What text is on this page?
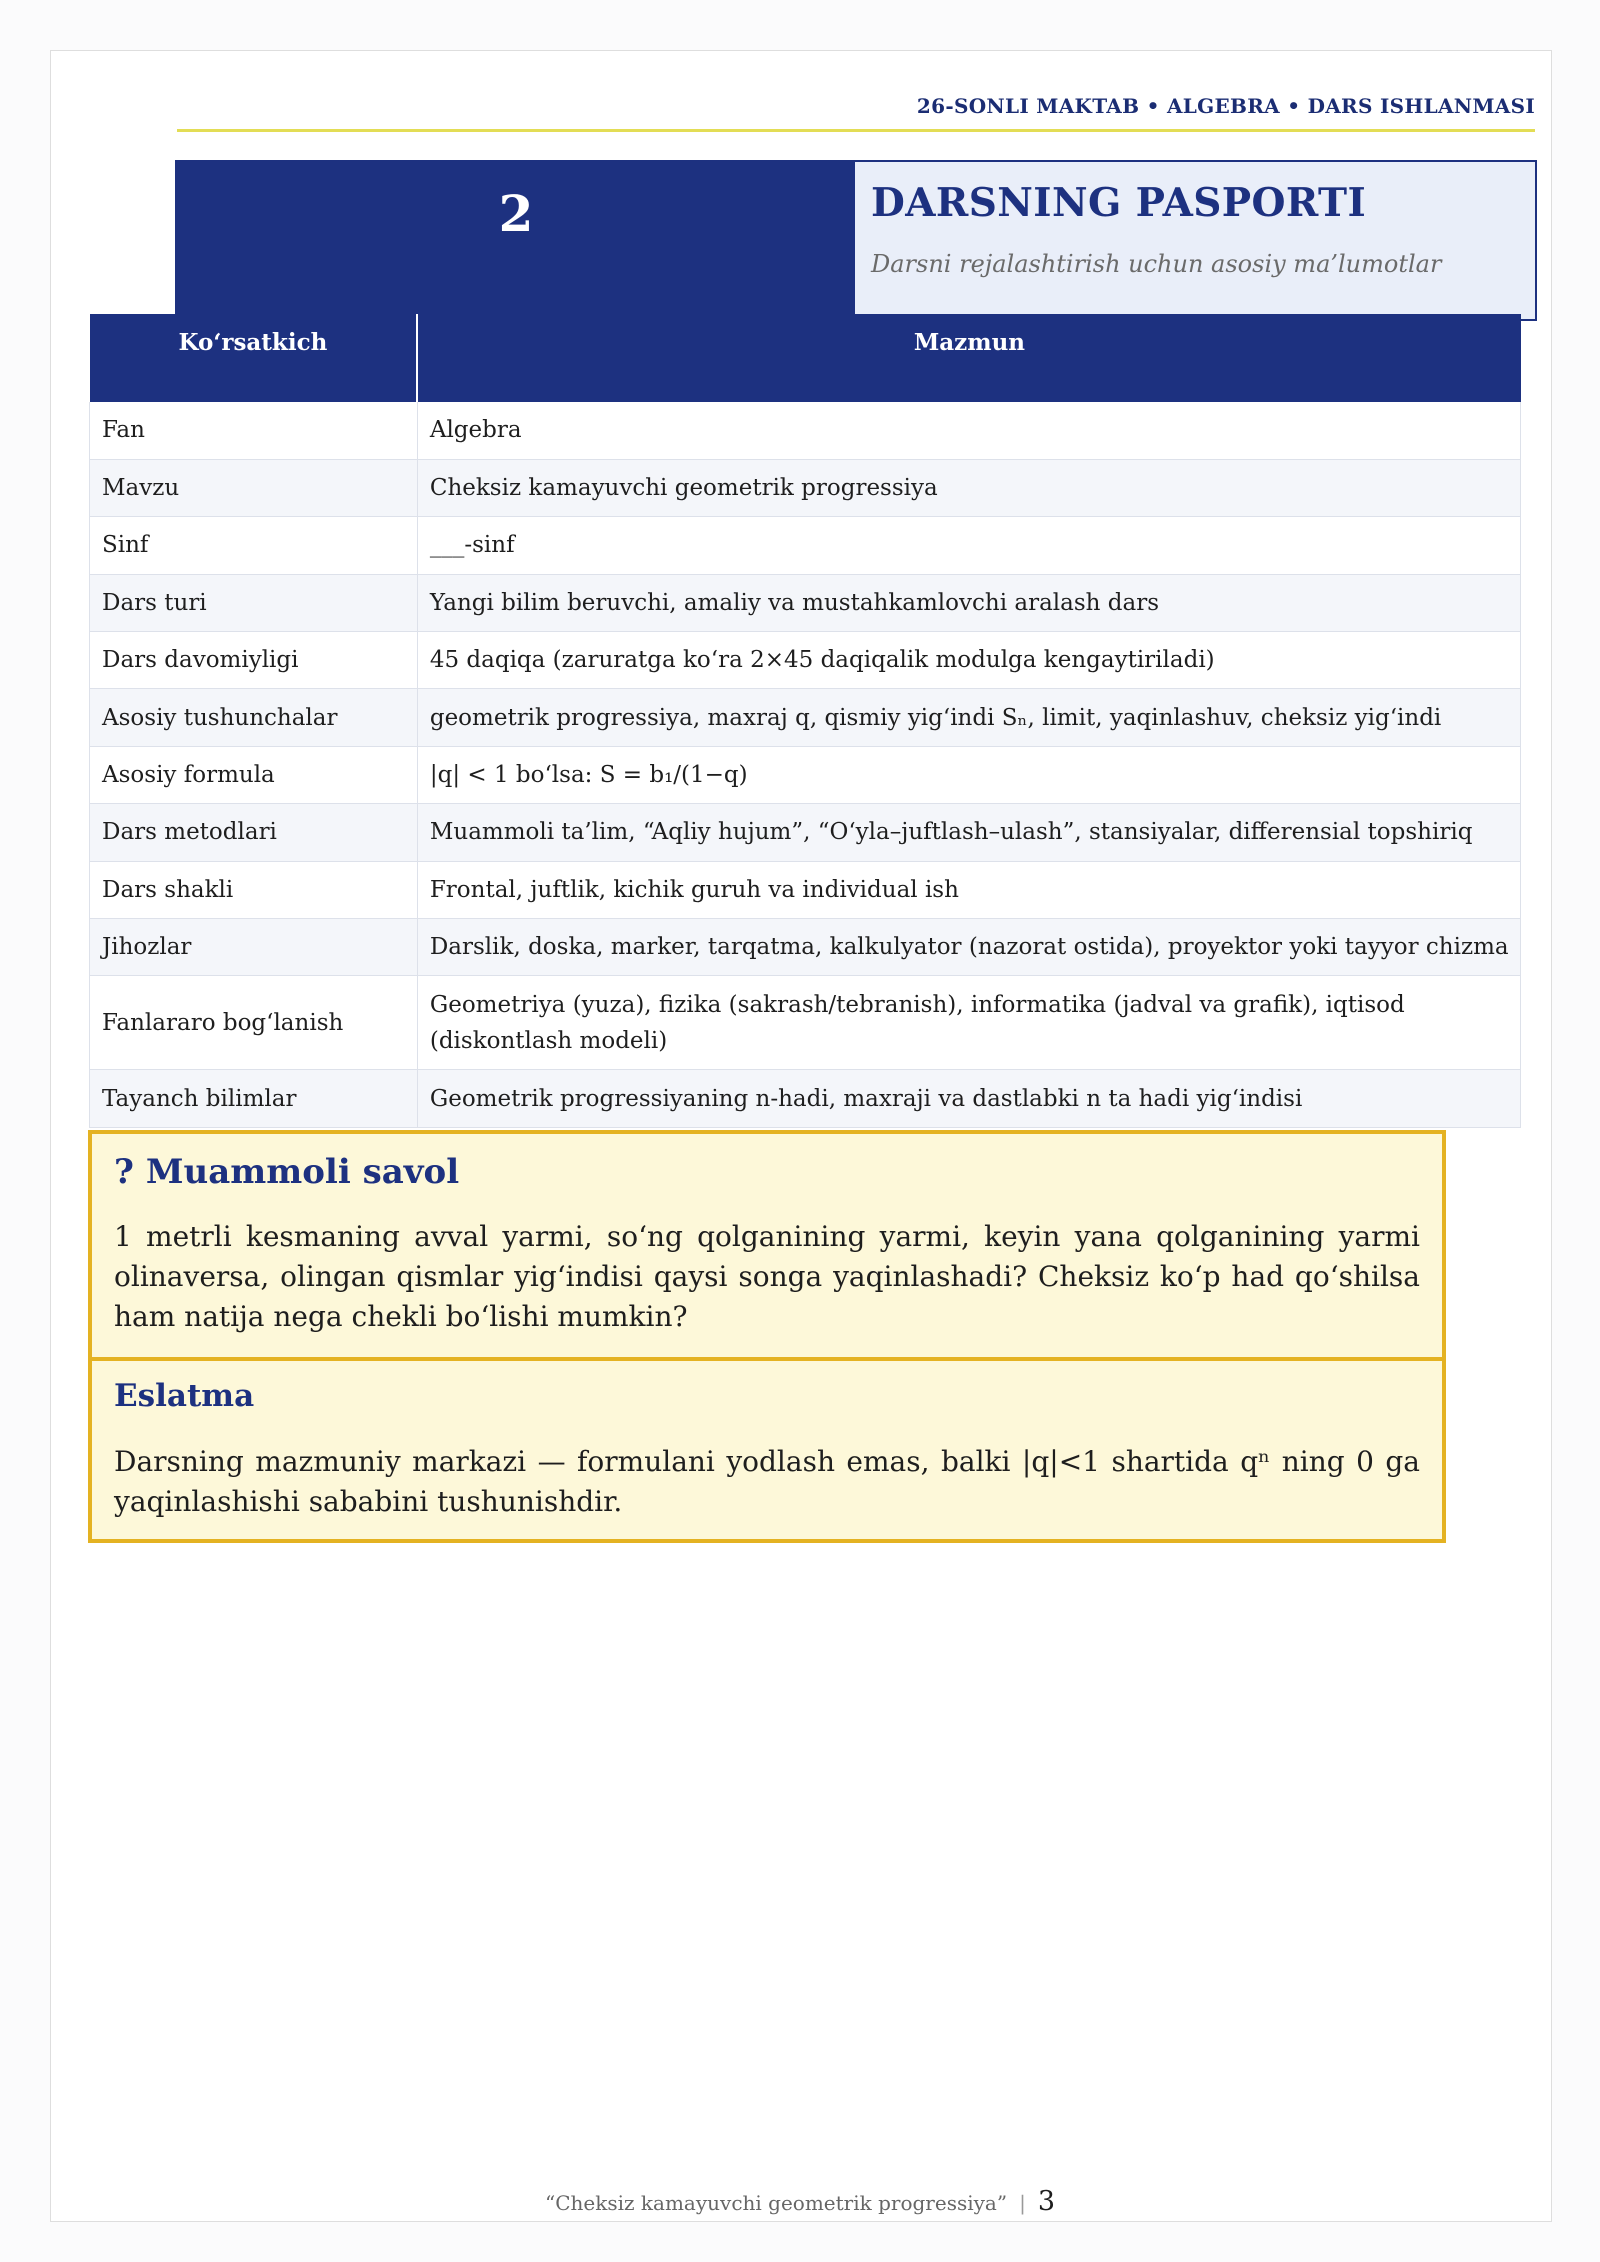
26-SONLI MAKTAB • ALGEBRA • DARS ISHLANMASI
2	DARSNING PASPORTI
Darsni rejalashtirish uchun asosiy ma’lumotlar
Ko‘rsatkich	Mazmun
Fan	Algebra
Mavzu	Cheksiz kamayuvchi geometrik progressiya
Sinf	___-sinf
Dars turi	Yangi bilim beruvchi, amaliy va mustahkamlovchi aralash dars
Dars davomiyligi	45 daqiqa (zaruratga ko‘ra 2×45 daqiqalik modulga kengaytiriladi)
Asosiy tushunchalar	geometrik progressiya, maxraj q, qismiy yig‘indi Sₙ, limit, yaqinlashuv, cheksiz yig‘indi
Asosiy formula	|q| < 1 bo‘lsa: S = b₁/(1−q)
Dars metodlari	Muammoli ta’lim, “Aqliy hujum”, “O‘yla–juftlash–ulash”, stansiyalar, differensial topshiriq
Dars shakli	Frontal, juftlik, kichik guruh va individual ish
Jihozlar	Darslik, doska, marker, tarqatma, kalkulyator (nazorat ostida), proyektor yoki tayyor chizma
Fanlararo bog‘lanish	Geometriya (yuza), fizika (sakrash/tebranish), informatika (jadval va grafik), iqtisod (diskontlash modeli)
Tayanch bilimlar	Geometrik progressiyaning n-hadi, maxraji va dastlabki n ta hadi yig‘indisi
? Muammoli savol
1 metrli kesmaning avval yarmi, so‘ng qolganining yarmi, keyin yana qolganining yarmi olinaversa, olingan qismlar yig‘indisi qaysi songa yaqinlashadi? Cheksiz ko‘p had qo‘shilsa ham natija nega chekli bo‘lishi mumkin?
Eslatma
Darsning mazmuniy markazi — formulani yodlash emas, balki |q|<1 shartida qⁿ ning 0 ga yaqinlashishi sababini tushunishdir.
“Cheksiz kamayuvchi geometrik progressiya” | 3
